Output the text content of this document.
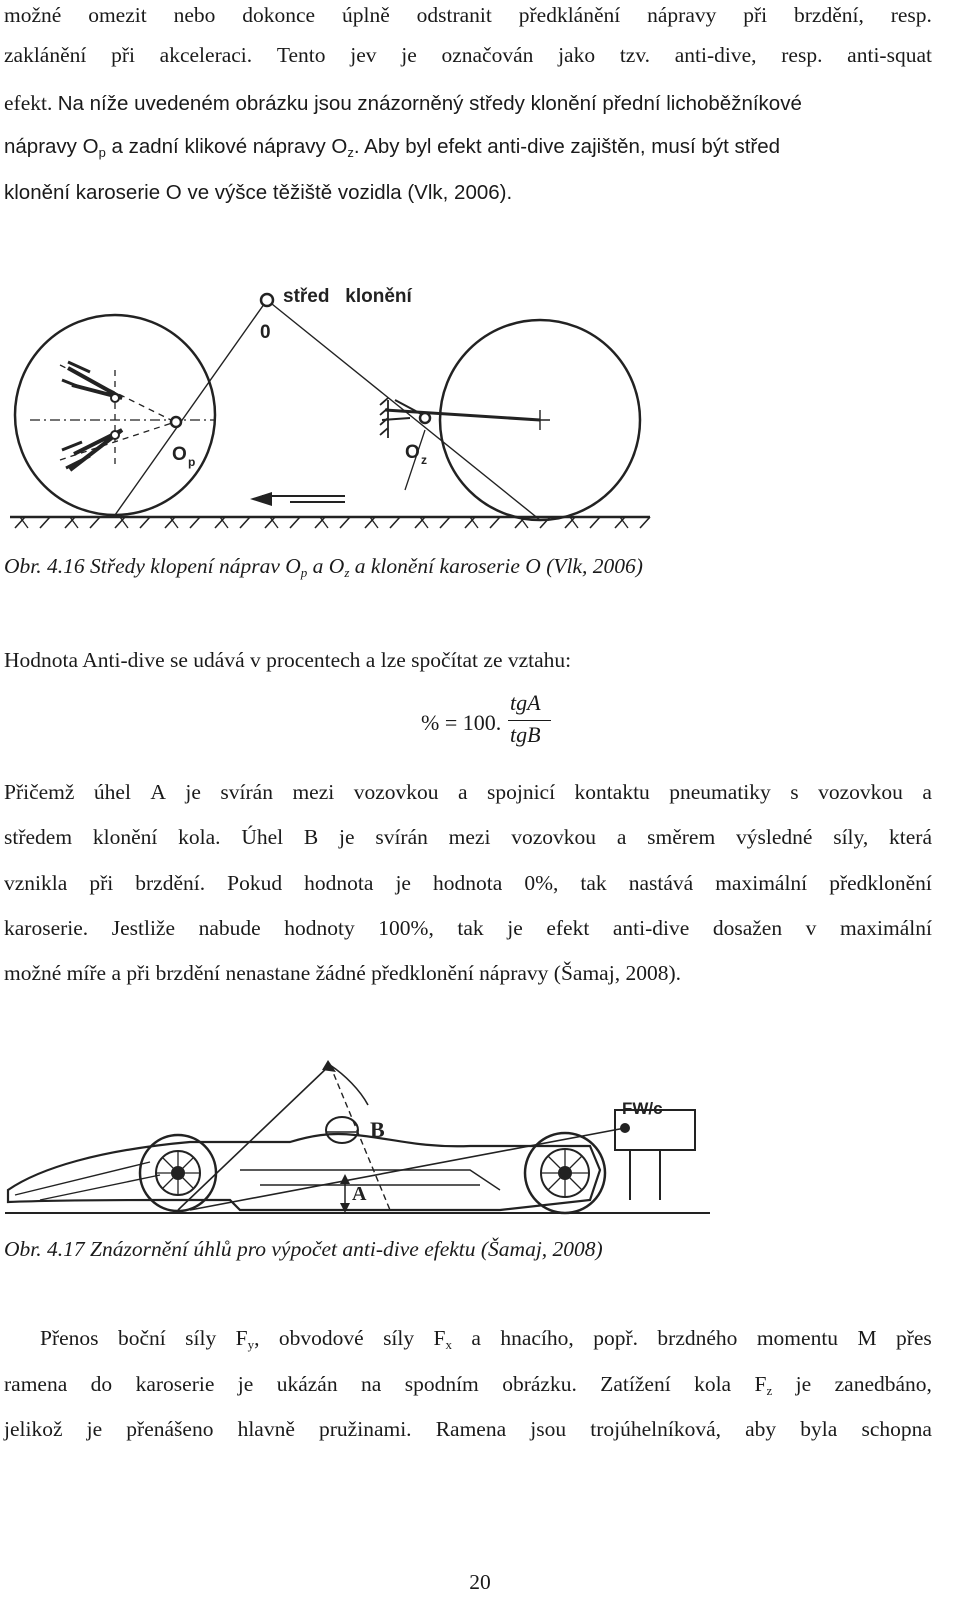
možné omezit nebo dokonce úplně odstranit předklánění nápravy při brzdění, resp.
zaklánění při akceleraci. Tento jev je označován jako tzv. anti-dive, resp. anti-squat
efekt. Na níže uvedeném obrázku jsou znázorněný středy klonění přední lichoběžníkové
nápravy $O_p$ a zadní klikové nápravy $O_z$. Aby byl efekt anti-dive zajištěn, musí být střed
klonění karoserie O ve výšce těžiště vozidla (Vlk, 2006).
střed   klonění
0
O p	O z
Obr. 4.16 Středy klopení náprav $O_p$ a $O_z$ a klonění karoserie O (Vlk, 2006)
Hodnota Anti-dive se udává v procentech a lze spočítat ze vztahu:
% = 100.
tgA
tgB
Přičemž úhel A je svírán mezi vozovkou a spojnicí kontaktu pneumatiky s vozovkou a
středem klonění kola. Úhel B je svírán mezi vozovkou a směrem výsledné síly, která
vznikla při brzdění. Pokud hodnota je hodnota 0%, tak nastává maximální předklonění
karoserie. Jestliže nabude hodnoty 100%, tak je efekt anti-dive dosažen v maximální
možné míře a při brzdění nenastane žádné předklonění nápravy (Šamaj, 2008).
B
A
FW/c
Obr. 4.17 Znázornění úhlů pro výpočet anti-dive efektu (Šamaj, 2008)
Přenos boční síly $F_y$, obvodové síly $F_x$ a hnacího, popř. brzdného momentu M přes
ramena do karoserie je ukázán na spodním obrázku. Zatížení kola $F_z$ je zanedbáno,
jelikož je přenášeno hlavně pružinami. Ramena jsou trojúhelníková, aby byla schopna
20
